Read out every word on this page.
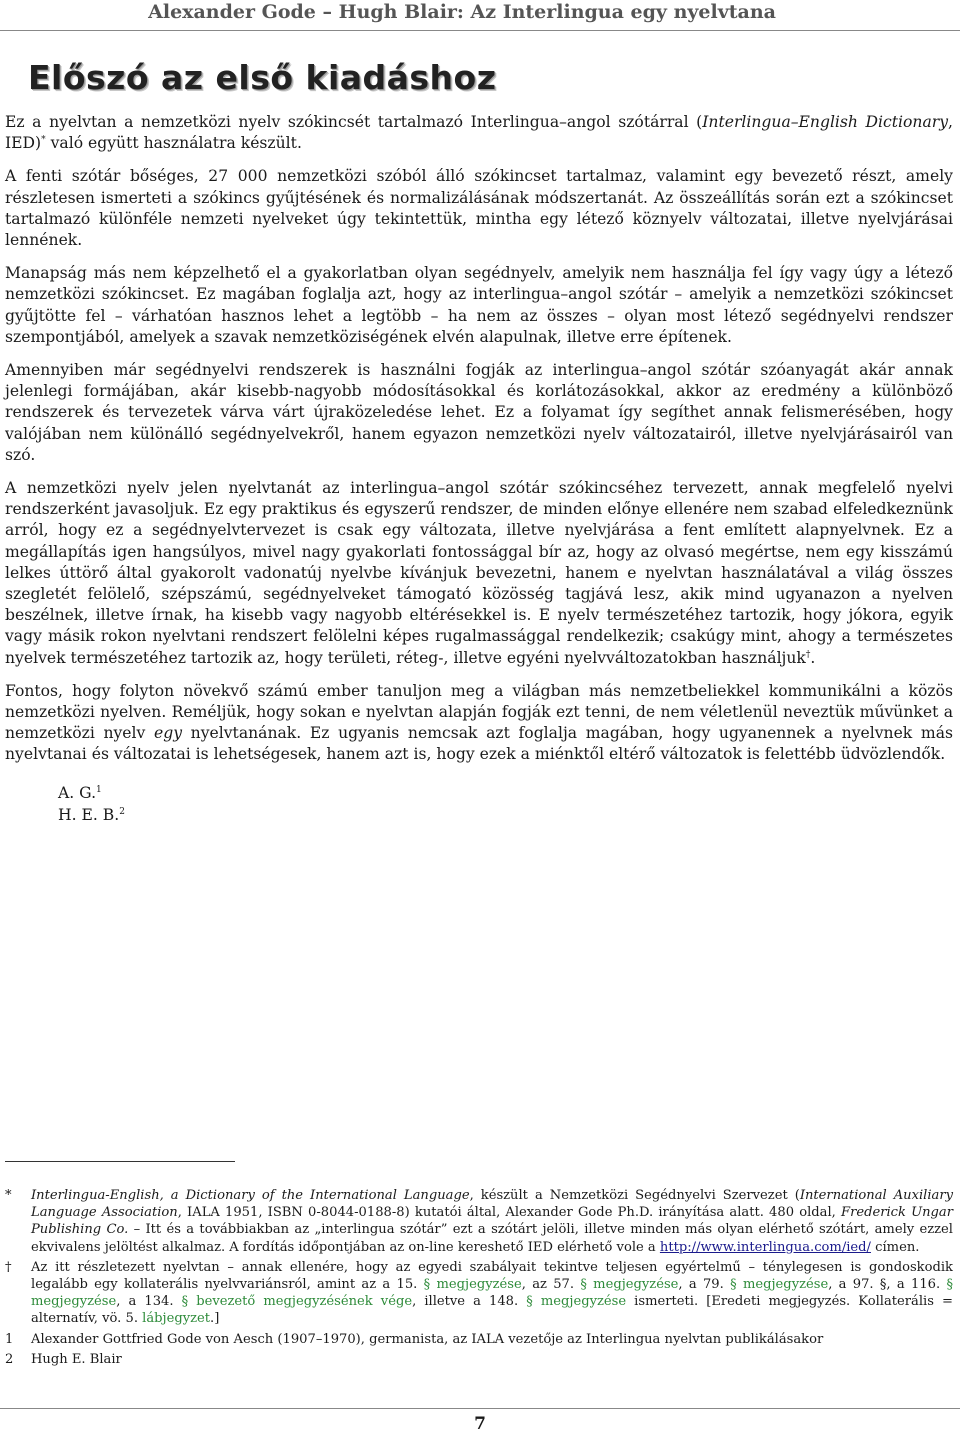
Alexander Gode – Hugh Blair: Az Interlingua egy nyelvtana
Előszó az első kiadáshoz

Ez a nyelvtan a nemzetközi nyelv szókincsét tartalmazó Interlingua–angol szótárral (Interlingua–English Dictionary, IED)* való együtt használatra készült.

A fenti szótár bőséges, 27 000 nemzetközi szóból álló szókincset tartalmaz, valamint egy bevezető részt, amely részletesen ismerteti a szókincs gyűjtésének és normalizálásának módszertanát. Az összeállítás során ezt a szókincset tartalmazó különféle nemzeti nyelveket úgy tekintettük, mintha egy létező köznyelv változatai, illetve nyelvjárásai lennének.

Manapság más nem képzelhető el a gyakorlatban olyan segédnyelv, amelyik nem használja fel így vagy úgy a létező nemzetközi szókincset. Ez magában foglalja azt, hogy az interlingua–angol szótár – amelyik a nemzetközi szókincset gyűjtötte fel – várhatóan hasznos lehet a legtöbb – ha nem az összes – olyan most létező segédnyelvi rendszer szempontjából, amelyek a szavak nemzetköziségének elvén alapulnak, illetve erre építenek.

Amennyiben már segédnyelvi rendszerek is használni fogják az interlingua–angol szótár szóanyagát akár annak jelenlegi formájában, akár kisebb-nagyobb módosításokkal és korlátozásokkal, akkor az eredmény a különböző rendszerek és tervezetek várva várt újraközeledése lehet. Ez a folyamat így segíthet annak felismerésében, hogy valójában nem különálló segédnyelvekről, hanem egyazon nemzetközi nyelv változatairól, illetve nyelvjárásairól van szó.

A nemzetközi nyelv jelen nyelvtanát az interlingua–angol szótár szókincséhez tervezett, annak megfelelő nyelvi rendszerként javasoljuk. Ez egy praktikus és egyszerű rendszer, de minden előnye ellenére nem szabad elfeledkeznünk arról, hogy ez a segédnyelvtervezet is csak egy változata, illetve nyelvjárása a fent említett alapnyelvnek. Ez a megállapítás igen hangsúlyos, mivel nagy gyakorlati fontossággal bír az, hogy az olvasó megértse, nem egy kisszámú lelkes úttörő által gyakorolt vadonatúj nyelvbe kívánjuk bevezetni, hanem e nyelvtan használatával a világ összes szegletét felölelő, szépszámú, segédnyelveket támogató közösség tagjává lesz, akik mind ugyanazon a nyelven beszélnek, illetve írnak, ha kisebb vagy nagyobb eltérésekkel is. E nyelv természetéhez tartozik, hogy jókora, egyik vagy másik rokon nyelvtani rendszert felölelni képes rugalmassággal rendelkezik; csakúgy mint, ahogy a természetes nyelvek természetéhez tartozik az, hogy területi, réteg-, illetve egyéni nyelvváltozatokban használjuk†.

Fontos, hogy folyton növekvő számú ember tanuljon meg a világban más nemzetbeliekkel kommunikálni a közös nemzetközi nyelven. Reméljük, hogy sokan e nyelvtan alapján fogják ezt tenni, de nem véletlenül neveztük művünket a nemzetközi nyelv egy nyelvtanának. Ez ugyanis nemcsak azt foglalja magában, hogy ugyanennek a nyelvnek más nyelvtanai és változatai is lehetségesek, hanem azt is, hogy ezek a miénktől eltérő változatok is felettébb üdvözlendők.

A. G.$^1$
H. E. B.$^2$
*	Interlingua-English, a Dictionary of the International Language, készült a Nemzetközi Segédnyelvi Szervezet (International Auxiliary Language Association, IALA 1951, ISBN 0-8044-0188-8) kutatói által, Alexander Gode Ph.D. irányítása alatt. 480 oldal, Frederick Ungar Publishing Co. – Itt és a továbbiakban az „interlingua szótár” ezt a szótárt jelöli, illetve minden más olyan elérhető szótárt, amely ezzel ekvivalens jelöltést alkalmaz. A fordítás időpontjában az on-line kereshető IED elérhető vole a http://www.interlingua.com/ied/ címen.
†	Az itt részletezett nyelvtan – annak ellenére, hogy az egyedi szabályait tekintve teljesen egyértelmű – ténylegesen is gondoskodik legalább egy kollaterális nyelvvariánsról, amint az a 15. § megjegyzése, az 57. § megjegyzése, a 79. § megjegyzése, a 97. §, a 116. § megjegyzése, a 134. § bevezető megjegyzésének vége, illetve a 148. § megjegyzése ismerteti. [Eredeti megjegyzés. Kollaterális = alternatív, vö. 5. lábjegyzet.]
1	Alexander Gottfried Gode von Aesch (1907–1970), germanista, az IALA vezetője az Interlingua nyelvtan publikálásakor
2	Hugh E. Blair
7
